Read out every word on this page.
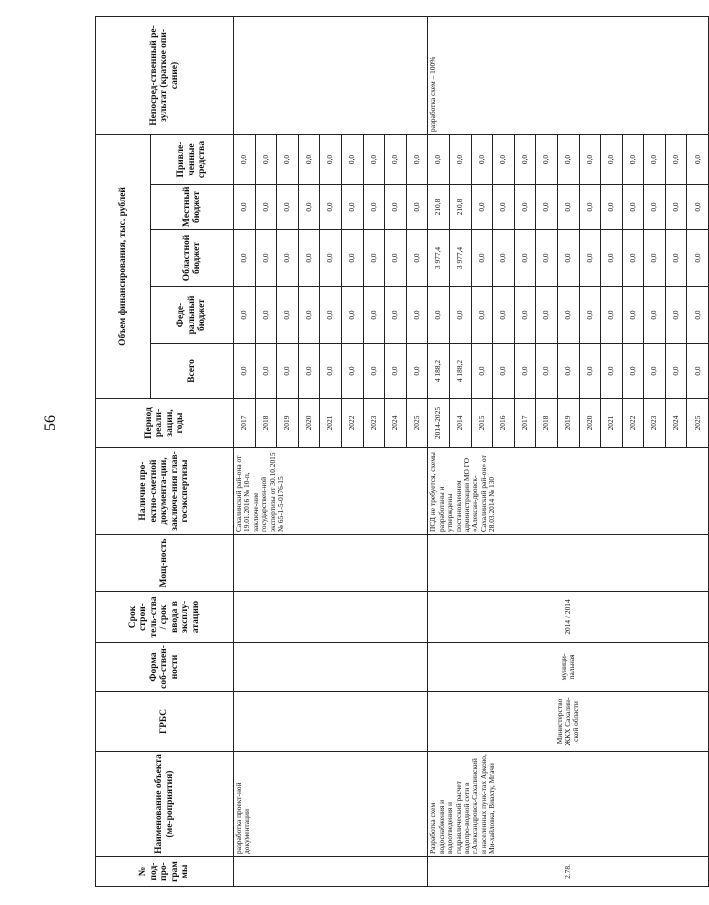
56
№ под-про-грам мы	Наименование объекта (ме-роприятия)	ГРБС	Форма соб-ствен-ности	Срок строи-тель-ства / срок ввода в эксплу-атацию	Мощ-ность	Наличие про-ектно-сметной документа-ции, заключе-ния глав-госэкспертизы	Период реали-зации, годы	Объем финансирования, тыс. рублей					Непосред-ственный ре-зультат (краткое опи-сание)
								Всего	Феде-ральный бюджет	Областной бюджет	Местный бюджет	Привле-ченные средства	
	разработка проект-ной документации					Сахалинский рай-она от 19.01.2016 № 10-п, заключе-ние государствен-ной экспертизы от 30.10.2015 № 65-1-5-0176-15	2017	0,0	0,0	0,0	0,0	0,0	
							2018	0,0	0,0	0,0	0,0	0,0	
							2019	0,0	0,0	0,0	0,0	0,0	
							2020	0,0	0,0	0,0	0,0	0,0	
							2021	0,0	0,0	0,0	0,0	0,0	
							2022	0,0	0,0	0,0	0,0	0,0	
							2023	0,0	0,0	0,0	0,0	0,0	
							2024	0,0	0,0	0,0	0,0	0,0	
							2025	0,0	0,0	0,0	0,0	0,0	
2.78.	Разработка схем водоснабжения и водоотведения и гидравлический расчет водопро-водной сети в г.Александровск-Сахалинский и населенных пунк-тах Арково, Ми-хайловка, Виахту, Мгачи	Министерство ЖКХ Сахалин-ской области	муници-пальная	2014 / 2014		ПСД не требуется, схемы разработаны и утверждены постановлением администрации МО ГО «Алексан-дровск-Сахалинский рай-он» от 28.03.2014 № 130	2014-2025	4 188,2	0,0	3 977,4	210,8	0,0	разработка схем – 100%
							2014	4 188,2	0,0	3 977,4	210,8	0,0	
							2015	0,0	0,0	0,0	0,0	0,0	
							2016	0,0	0,0	0,0	0,0	0,0	
							2017	0,0	0,0	0,0	0,0	0,0	
							2018	0,0	0,0	0,0	0,0	0,0	
							2019	0,0	0,0	0,0	0,0	0,0	
							2020	0,0	0,0	0,0	0,0	0,0	
							2021	0,0	0,0	0,0	0,0	0,0	
							2022	0,0	0,0	0,0	0,0	0,0	
							2023	0,0	0,0	0,0	0,0	0,0	
							2024	0,0	0,0	0,0	0,0	0,0	
							2025	0,0	0,0	0,0	0,0	0,0	
